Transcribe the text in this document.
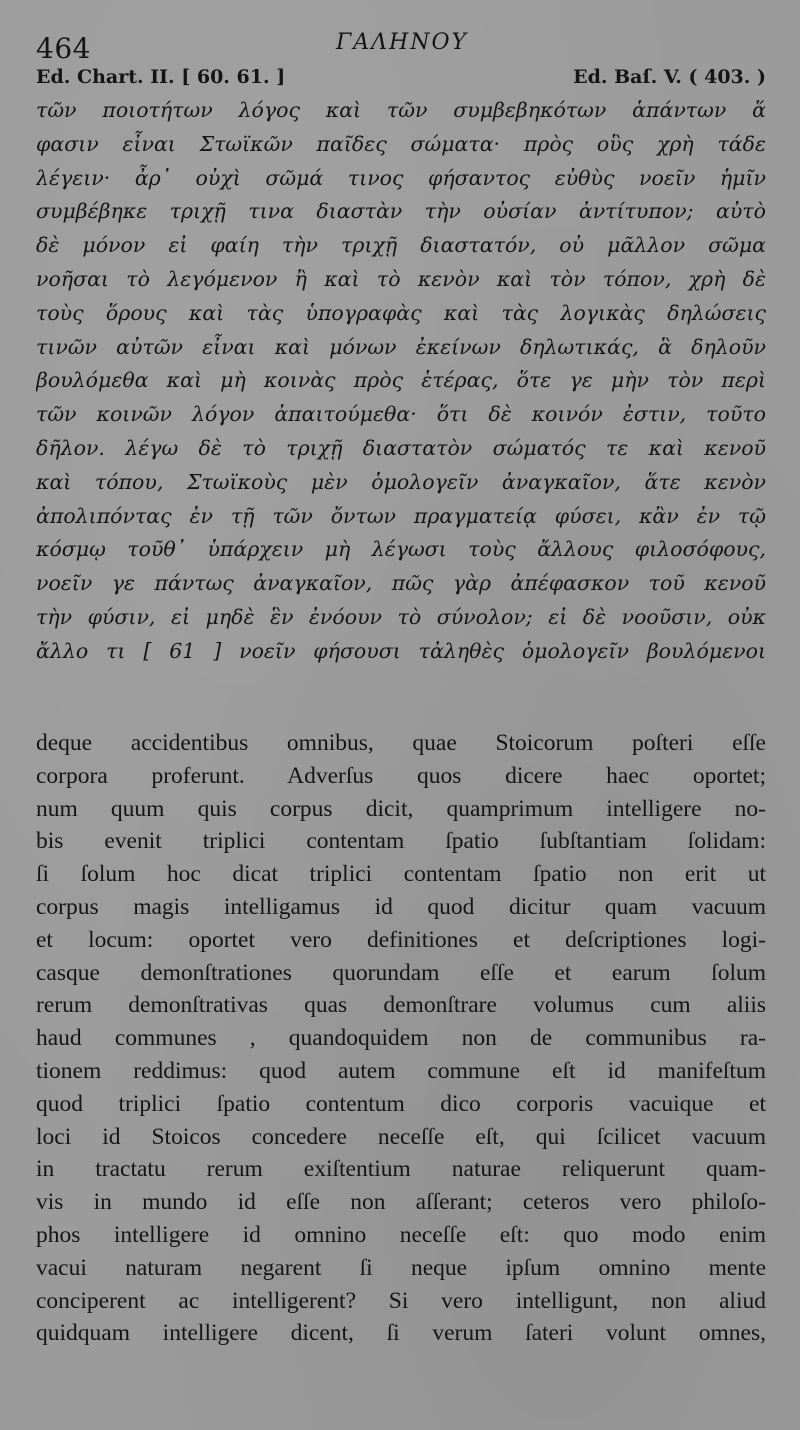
464	ΓΑΛΗΝΟΥ
Ed. Chart. II. [ 60. 61. ]	Ed. Baſ. V. ( 403. )
τῶν ποιοτήτων λόγος καὶ τῶν συμβεβηκότων ἁπάντων ἅ
φασιν εἶναι Στωϊκῶν παῖδες σώματα· πρὸς οὓς χρὴ τάδε
λέγειν· ἆρ᾽ οὐχὶ σῶμά τινος φήσαντος εὐθὺς νοεῖν ἡμῖν
συμβέβηκε τριχῇ τινα διαστὰν τὴν οὐσίαν ἀντίτυπον; αὐτὸ
δὲ μόνον εἰ φαίη τὴν τριχῇ διαστατόν, οὐ μᾶλλον σῶμα
νοῆσαι τὸ λεγόμενον ἢ καὶ τὸ κενὸν καὶ τὸν τόπον, χρὴ δὲ
τοὺς ὅρους καὶ τὰς ὑπογραφὰς καὶ τὰς λογικὰς δηλώσεις
τινῶν αὐτῶν εἶναι καὶ μόνων ἐκείνων δηλωτικάς, ἃ δηλοῦν
βουλόμεθα καὶ μὴ κοινὰς πρὸς ἑτέρας, ὅτε γε μὴν τὸν περὶ
τῶν κοινῶν λόγον ἀπαιτούμεθα· ὅτι δὲ κοινόν ἐστιν, τοῦτο
δῆλον. λέγω δὲ τὸ τριχῇ διαστατὸν σώματός τε καὶ κενοῦ
καὶ τόπου, Στωϊκοὺς μὲν ὁμολογεῖν ἀναγκαῖον, ἅτε κενὸν
ἀπολιπόντας ἐν τῇ τῶν ὄντων πραγματείᾳ φύσει, κἂν ἐν τῷ
κόσμῳ τοῦθ᾽ ὑπάρχειν μὴ λέγωσι τοὺς ἄλλους φιλοσόφους,
νοεῖν γε πάντως ἀναγκαῖον, πῶς γὰρ ἀπέφασκον τοῦ κενοῦ
τὴν φύσιν, εἰ μηδὲ ἓν ἐνόουν τὸ σύνολον; εἰ δὲ νοοῦσιν, οὐκ
ἄλλο τι [ 61 ] νοεῖν φήσουσι τἀληθὲς ὁμολογεῖν βουλόμενοι
deque accidentibus omnibus, quae Stoicorum poſteri eſſe
corpora proferunt. Adverſus quos dicere haec oportet;
num quum quis corpus dicit, quamprimum intelligere no-
bis evenit triplici contentam ſpatio ſubſtantiam ſolidam:
ſi ſolum hoc dicat triplici contentam ſpatio non erit ut
corpus magis intelligamus id quod dicitur quam vacuum
et locum: oportet vero definitiones et deſcriptiones logi-
casque demonſtrationes quorundam eſſe et earum ſolum
rerum demonſtrativas quas demonſtrare volumus cum aliis
haud communes , quandoquidem non de communibus ra-
tionem reddimus: quod autem commune eſt id manifeſtum
quod triplici ſpatio contentum dico corporis vacuique et
loci id Stoicos concedere neceſſe eſt, qui ſcilicet vacuum
in tractatu rerum exiſtentium naturae reliquerunt quam-
vis in mundo id eſſe non aſſerant; ceteros vero philoſo-
phos intelligere id omnino neceſſe eſt: quo modo enim
vacui naturam negarent ſi neque ipſum omnino mente
conciperent ac intelligerent? Si vero intelligunt, non aliud
quidquam intelligere dicent, ſi verum ſateri volunt omnes,
